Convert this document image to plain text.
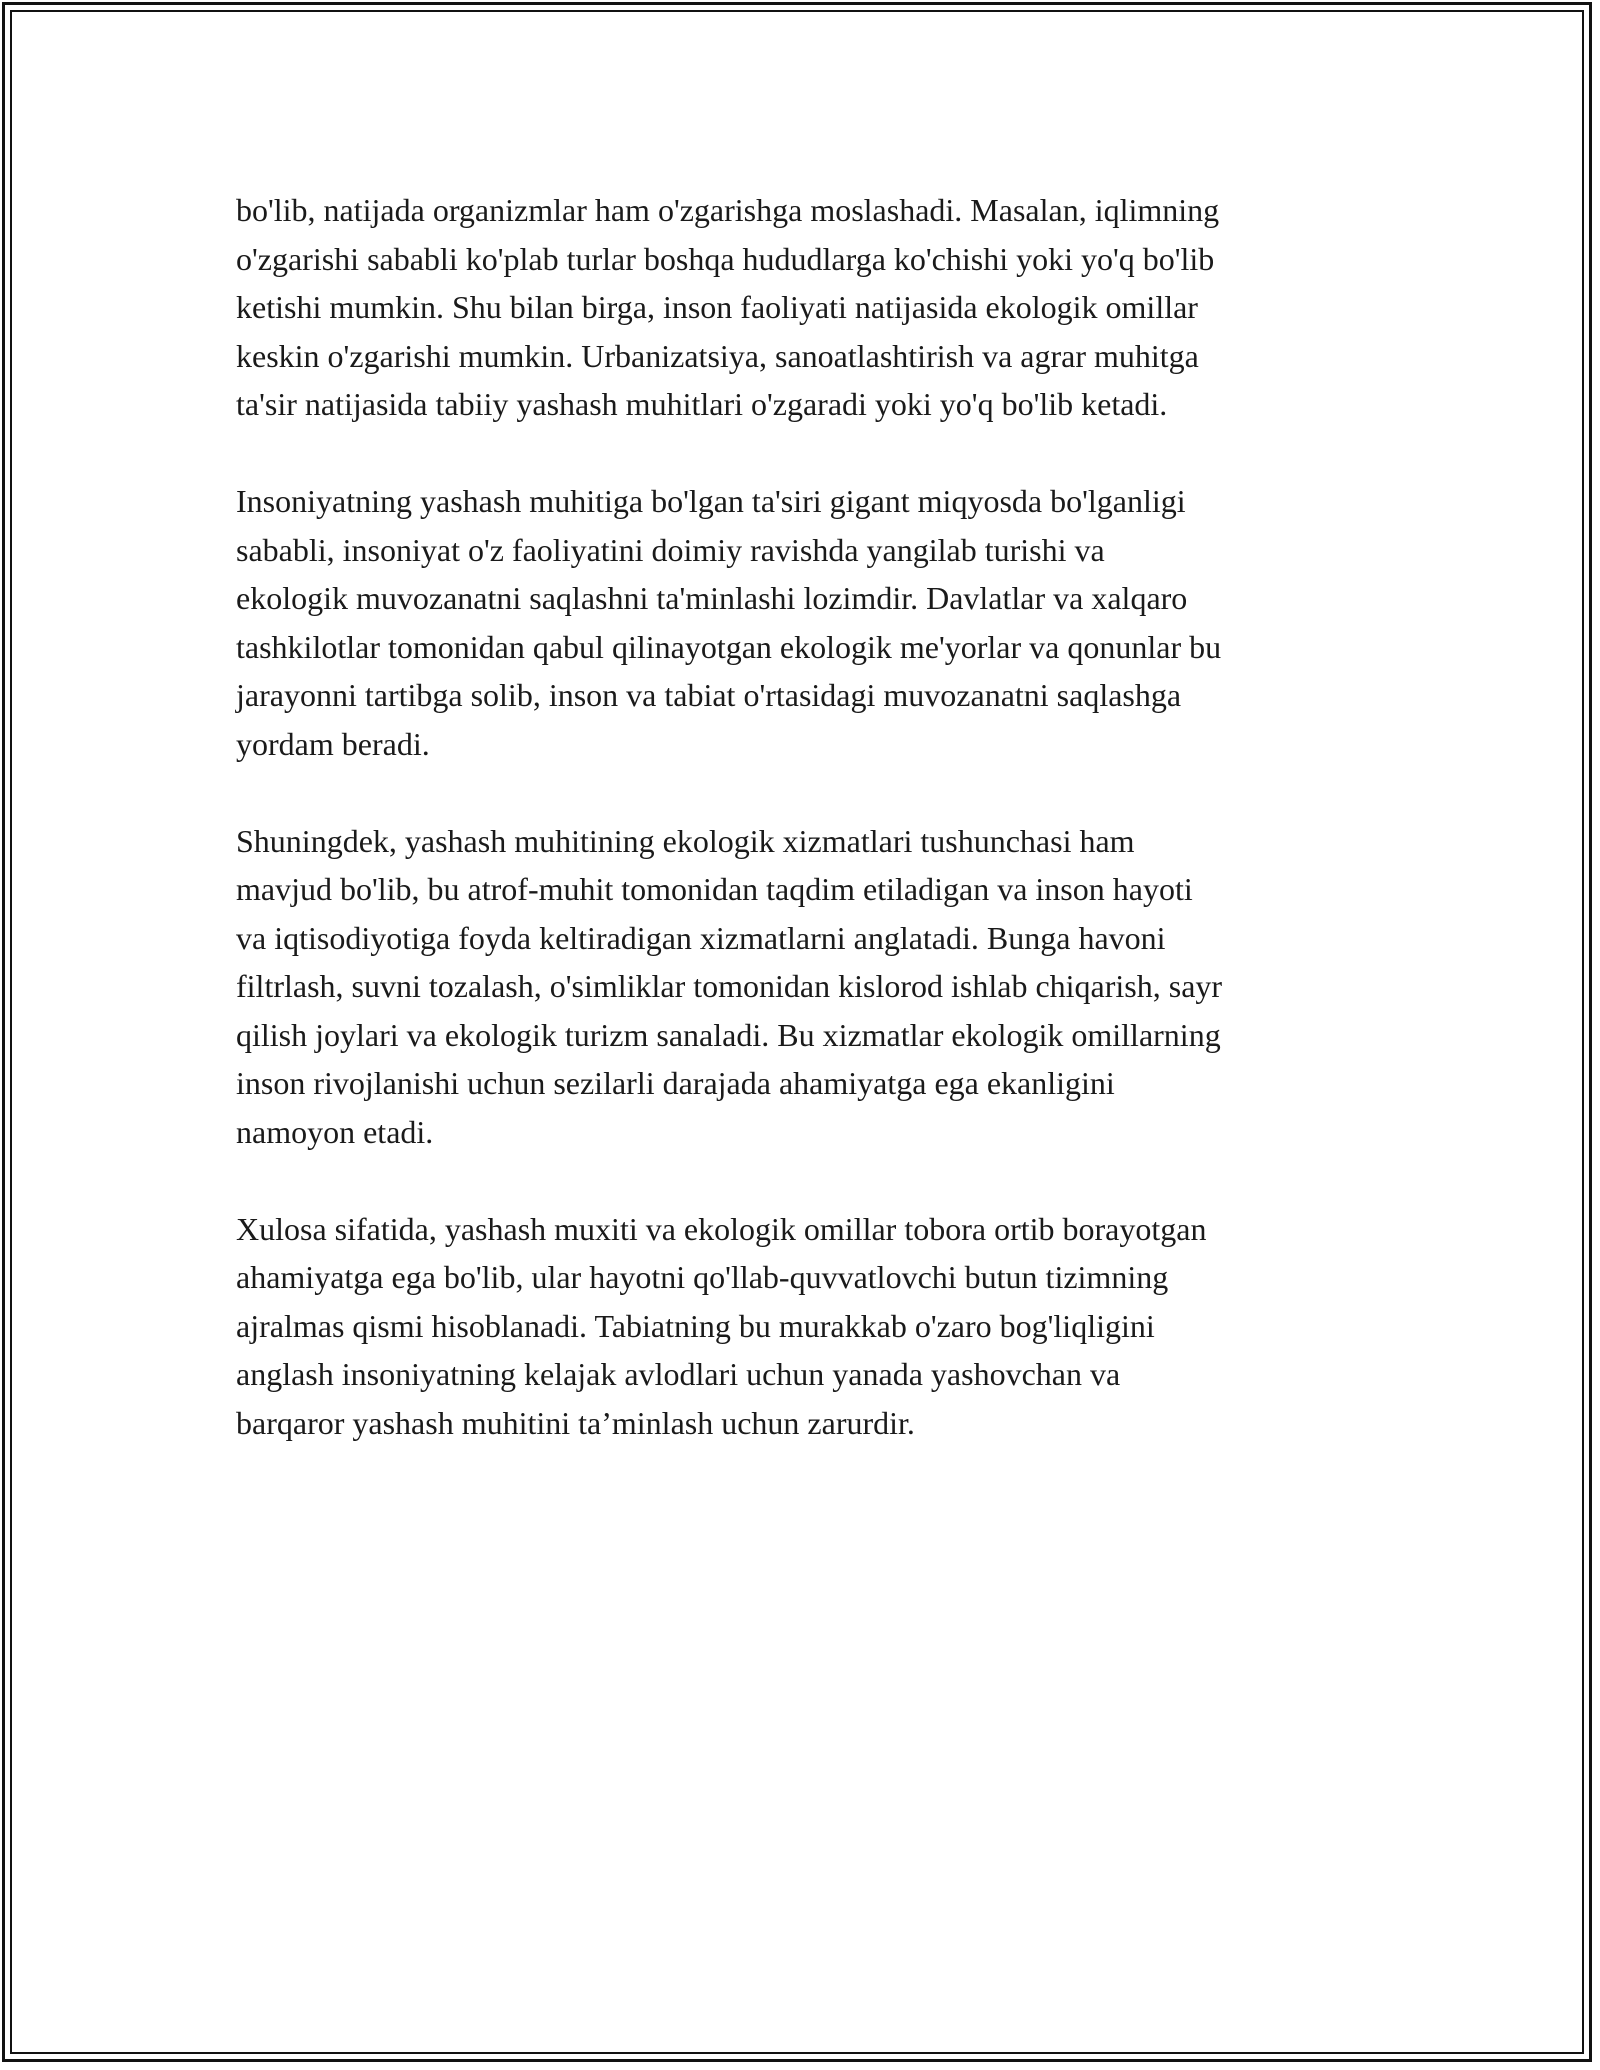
bo'lib, natijada organizmlar ham o'zgarishga moslashadi. Masalan, iqlimning
o'zgarishi sababli ko'plab turlar boshqa hududlarga ko'chishi yoki yo'q bo'lib
ketishi mumkin. Shu bilan birga, inson faoliyati natijasida ekologik omillar
keskin o'zgarishi mumkin. Urbanizatsiya, sanoatlashtirish va agrar muhitga
ta'sir natijasida tabiiy yashash muhitlari o'zgaradi yoki yo'q bo'lib ketadi.

Insoniyatning yashash muhitiga bo'lgan ta'siri gigant miqyosda bo'lganligi
sababli, insoniyat o'z faoliyatini doimiy ravishda yangilab turishi va
ekologik muvozanatni saqlashni ta'minlashi lozimdir. Davlatlar va xalqaro
tashkilotlar tomonidan qabul qilinayotgan ekologik me'yorlar va qonunlar bu
jarayonni tartibga solib, inson va tabiat o'rtasidagi muvozanatni saqlashga
yordam beradi.

Shuningdek, yashash muhitining ekologik xizmatlari tushunchasi ham
mavjud bo'lib, bu atrof-muhit tomonidan taqdim etiladigan va inson hayoti
va iqtisodiyotiga foyda keltiradigan xizmatlarni anglatadi. Bunga havoni
filtrlash, suvni tozalash, o'simliklar tomonidan kislorod ishlab chiqarish, sayr
qilish joylari va ekologik turizm sanaladi. Bu xizmatlar ekologik omillarning
inson rivojlanishi uchun sezilarli darajada ahamiyatga ega ekanligini
namoyon etadi.

Xulosa sifatida, yashash muxiti va ekologik omillar tobora ortib borayotgan
ahamiyatga ega bo'lib, ular hayotni qo'llab-quvvatlovchi butun tizimning
ajralmas qismi hisoblanadi. Tabiatning bu murakkab o'zaro bog'liqligini
anglash insoniyatning kelajak avlodlari uchun yanada yashovchan va
barqaror yashash muhitini ta’minlash uchun zarurdir.
